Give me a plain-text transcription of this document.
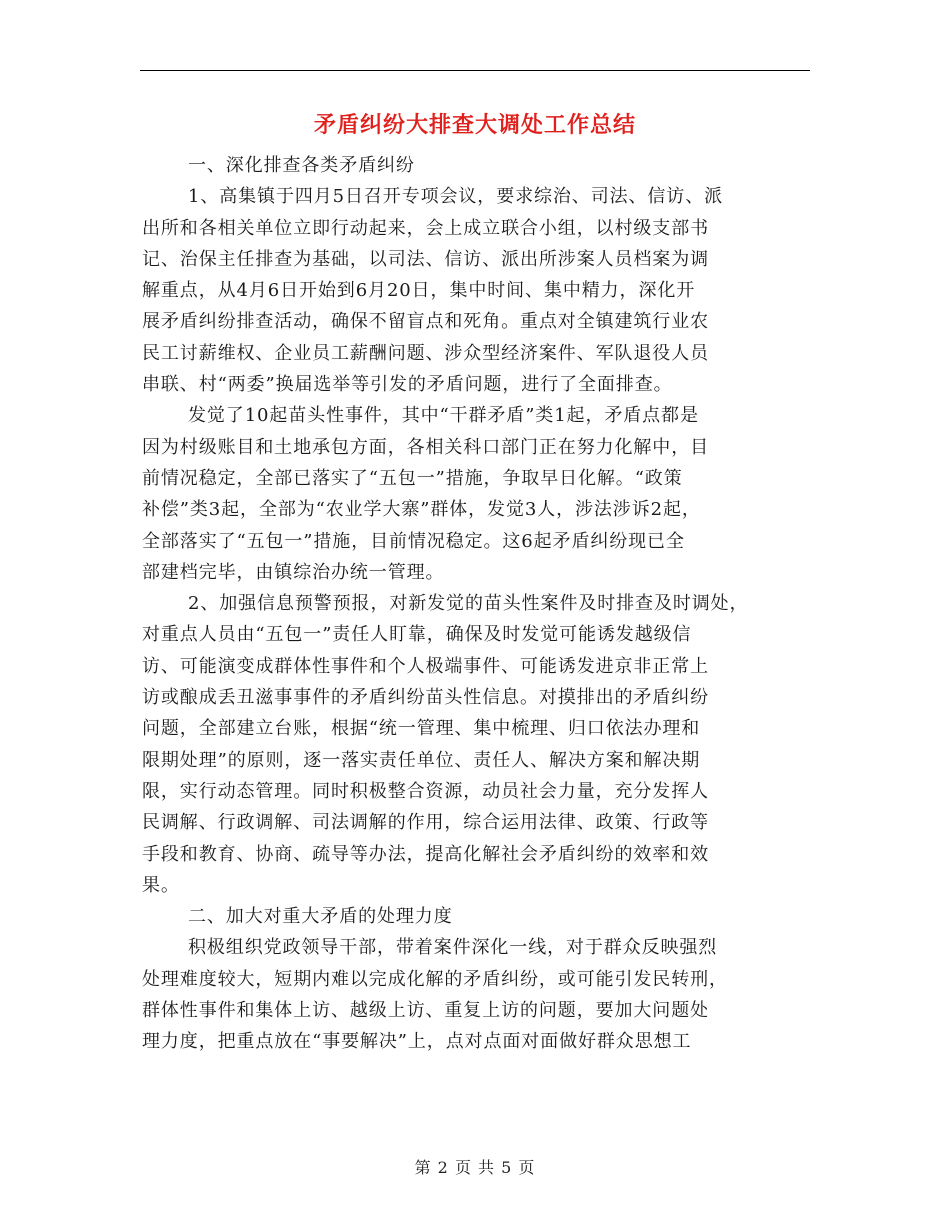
矛盾纠纷大排查大调处工作总结
一、深化排查各类矛盾纠纷
1、高集镇于四月5日召开专项会议，要求综治、司法、信访、派
出所和各相关单位立即行动起来，会上成立联合小组，以村级支部书
记、治保主任排查为基础，以司法、信访、派出所涉案人员档案为调
解重点，从4月6日开始到6月20日，集中时间、集中精力，深化开
展矛盾纠纷排查活动，确保不留盲点和死角。重点对全镇建筑行业农
民工讨薪维权、企业员工薪酬问题、涉众型经济案件、军队退役人员
串联、村“两委”换届选举等引发的矛盾问题，进行了全面排查。
发觉了10起苗头性事件，其中“干群矛盾”类1起，矛盾点都是
因为村级账目和土地承包方面，各相关科口部门正在努力化解中，目
前情况稳定，全部已落实了“五包一”措施，争取早日化解。“政策
补偿”类3起，全部为“农业学大寨”群体，发觉3人，涉法涉诉2起，
全部落实了“五包一”措施，目前情况稳定。这6起矛盾纠纷现已全
部建档完毕，由镇综治办统一管理。
2、加强信息预警预报，对新发觉的苗头性案件及时排查及时调处，
对重点人员由“五包一”责任人盯靠，确保及时发觉可能诱发越级信
访、可能演变成群体性事件和个人极端事件、可能诱发进京非正常上
访或酿成丢丑滋事事件的矛盾纠纷苗头性信息。对摸排出的矛盾纠纷
问题，全部建立台账，根据“统一管理、集中梳理、归口依法办理和
限期处理”的原则，逐一落实责任单位、责任人、解决方案和解决期
限，实行动态管理。同时积极整合资源，动员社会力量，充分发挥人
民调解、行政调解、司法调解的作用，综合运用法律、政策、行政等
手段和教育、协商、疏导等办法，提高化解社会矛盾纠纷的效率和效
果。
二、加大对重大矛盾的处理力度
积极组织党政领导干部，带着案件深化一线，对于群众反映强烈
处理难度较大，短期内难以完成化解的矛盾纠纷，或可能引发民转刑，
群体性事件和集体上访、越级上访、重复上访的问题，要加大问题处
理力度，把重点放在“事要解决”上，点对点面对面做好群众思想工
第 2 页 共 5 页
